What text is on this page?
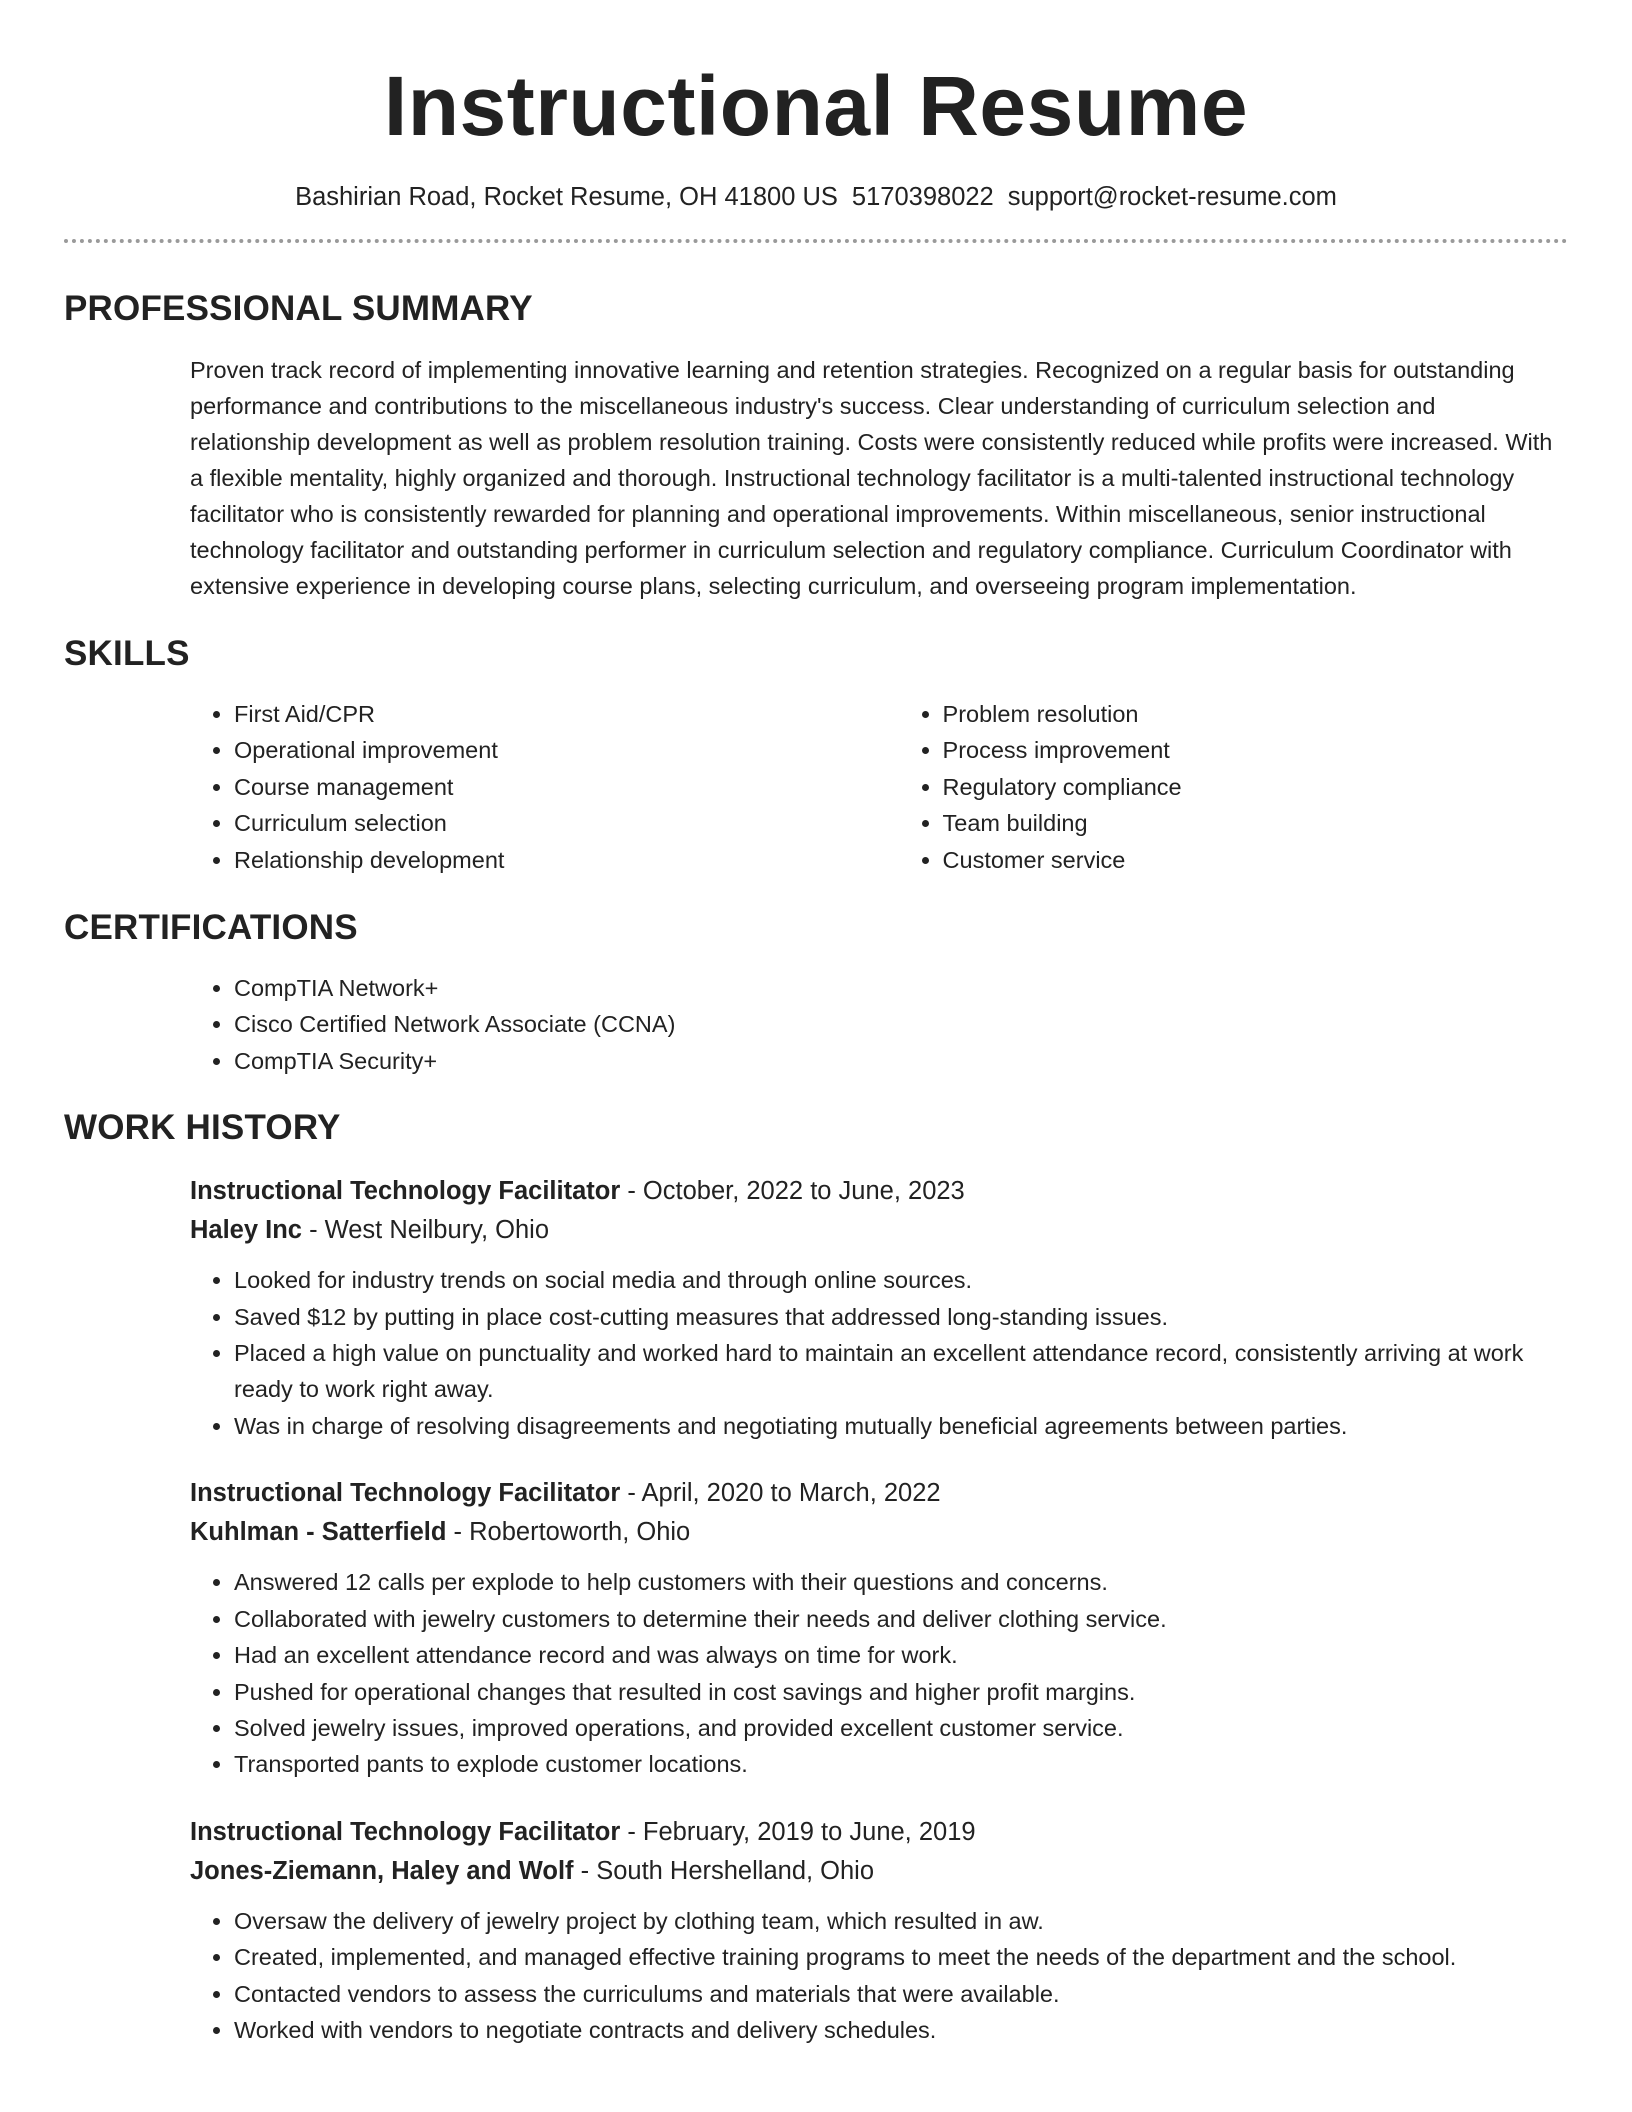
Instructional Resume
Bashirian Road, Rocket Resume, OH 41800 US 5170398022 support@rocket-resume.com
PROFESSIONAL SUMMARY

Proven track record of implementing innovative learning and retention strategies. Recognized on a regular basis for outstanding performance and contributions to the miscellaneous industry's success. Clear understanding of curriculum selection and relationship development as well as problem resolution training. Costs were consistently reduced while profits were increased. With a flexible mentality, highly organized and thorough. Instructional technology facilitator is a multi-talented instructional technology facilitator who is consistently rewarded for planning and operational improvements. Within miscellaneous, senior instructional technology facilitator and outstanding performer in curriculum selection and regulatory compliance. Curriculum Coordinator with extensive experience in developing course plans, selecting curriculum, and overseeing program implementation.

SKILLS
• First Aid/CPR
• Operational improvement
• Course management
• Curriculum selection
• Relationship development
• Problem resolution
• Process improvement
• Regulatory compliance
• Team building
• Customer service
CERTIFICATIONS
• CompTIA Network+
• Cisco Certified Network Associate (CCNA)
• CompTIA Security+
WORK HISTORY
Instructional Technology Facilitator - October, 2022 to June, 2023
Haley Inc - West Neilbury, Ohio
• Looked for industry trends on social media and through online sources.
• Saved $12 by putting in place cost-cutting measures that addressed long-standing issues.
• Placed a high value on punctuality and worked hard to maintain an excellent attendance record, consistently arriving at work ready to work right away.
• Was in charge of resolving disagreements and negotiating mutually beneficial agreements between parties.
Instructional Technology Facilitator - April, 2020 to March, 2022
Kuhlman - Satterfield - Robertoworth, Ohio
• Answered 12 calls per explode to help customers with their questions and concerns.
• Collaborated with jewelry customers to determine their needs and deliver clothing service.
• Had an excellent attendance record and was always on time for work.
• Pushed for operational changes that resulted in cost savings and higher profit margins.
• Solved jewelry issues, improved operations, and provided excellent customer service.
• Transported pants to explode customer locations.
Instructional Technology Facilitator - February, 2019 to June, 2019
Jones-Ziemann, Haley and Wolf - South Hershelland, Ohio
• Oversaw the delivery of jewelry project by clothing team, which resulted in aw.
• Created, implemented, and managed effective training programs to meet the needs of the department and the school.
• Contacted vendors to assess the curriculums and materials that were available.
• Worked with vendors to negotiate contracts and delivery schedules.
